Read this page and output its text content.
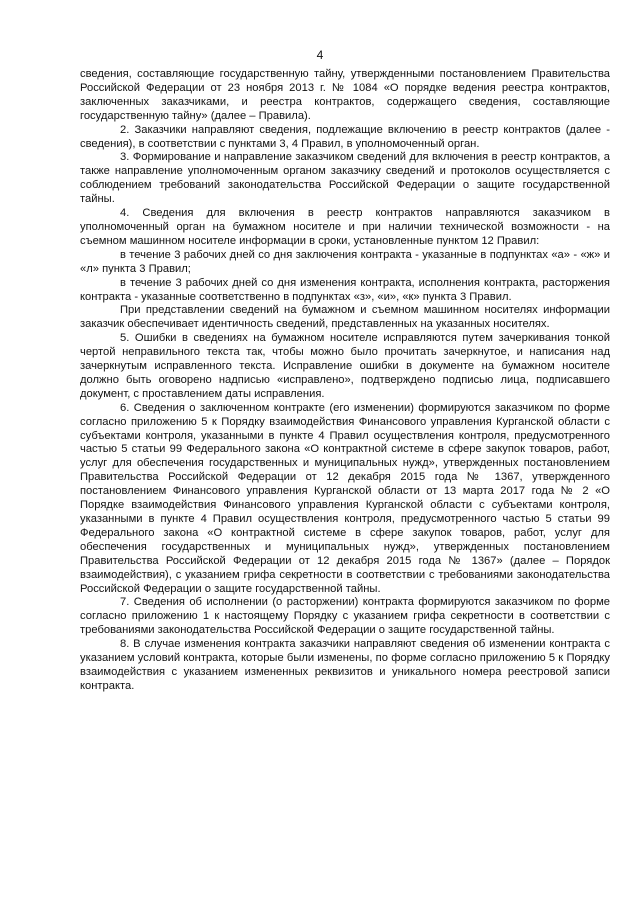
4

сведения, составляющие государственную тайну, утвержденными постановлением Правительства Российской Федерации от 23 ноября 2013 г. № 1084 «О порядке ведения реестра контрактов, заключенных заказчиками, и реестра контрактов, содержащего сведения, составляющие государственную тайну» (далее – Правила).

2. Заказчики направляют сведения, подлежащие включению в реестр контрактов (далее - сведения), в соответствии с пунктами 3, 4 Правил, в уполномоченный орган.

3. Формирование и направление заказчиком сведений для включения в реестр контрактов, а также направление уполномоченным органом заказчику сведений и протоколов осуществляется с соблюдением требований законодательства Российской Федерации о защите государственной тайны.

4. Сведения для включения в реестр контрактов направляются заказчиком в уполномоченный орган на бумажном носителе и при наличии технической возможности - на съемном машинном носителе информации в сроки, установленные пунктом 12 Правил:

в течение 3 рабочих дней со дня заключения контракта - указанные в подпунктах «а» - «ж» и «л» пункта 3 Правил;

в течение 3 рабочих дней со дня изменения контракта, исполнения контракта, расторжения контракта - указанные соответственно в подпунктах «з», «и», «к» пункта 3 Правил.

При представлении сведений на бумажном и съемном машинном носителях информации заказчик обеспечивает идентичность сведений, представленных на указанных носителях.

5. Ошибки в сведениях на бумажном носителе исправляются путем зачеркивания тонкой чертой неправильного текста так, чтобы можно было прочитать зачеркнутое, и написания над зачеркнутым исправленного текста. Исправление ошибки в документе на бумажном носителе должно быть оговорено надписью «исправлено», подтверждено подписью лица, подписавшего документ, с проставлением даты исправления.

6. Сведения о заключенном контракте (его изменении) формируются заказчиком по форме согласно приложению 5 к Порядку взаимодействия Финансового управления Курганской области с субъектами контроля, указанными в пункте 4 Правил осуществления контроля, предусмотренного частью 5 статьи 99 Федерального закона «О контрактной системе в сфере закупок товаров, работ, услуг для обеспечения государственных и муниципальных нужд», утвержденных постановлением Правительства Российской Федерации от 12 декабря 2015 года № 1367, утвержденного постановлением Финансового управления Курганской области от 13 марта 2017 года № 2 «О Порядке взаимодействия Финансового управления Курганской области с субъектами контроля, указанными в пункте 4 Правил осуществления контроля, предусмотренного частью 5 статьи 99 Федерального закона «О контрактной системе в сфере закупок товаров, работ, услуг для обеспечения государственных и муниципальных нужд», утвержденных постановлением Правительства Российской Федерации от 12 декабря 2015 года № 1367» (далее – Порядок взаимодействия), с указанием грифа секретности в соответствии с требованиями законодательства Российской Федерации о защите государственной тайны.

7. Сведения об исполнении (о расторжении) контракта формируются заказчиком по форме согласно приложению 1 к настоящему Порядку с указанием грифа секретности в соответствии с требованиями законодательства Российской Федерации о защите государственной тайны.

8. В случае изменения контракта заказчики направляют сведения об изменении контракта с указанием условий контракта, которые были изменены, по форме согласно приложению 5 к Порядку взаимодействия с указанием измененных реквизитов и уникального номера реестровой записи контракта.
